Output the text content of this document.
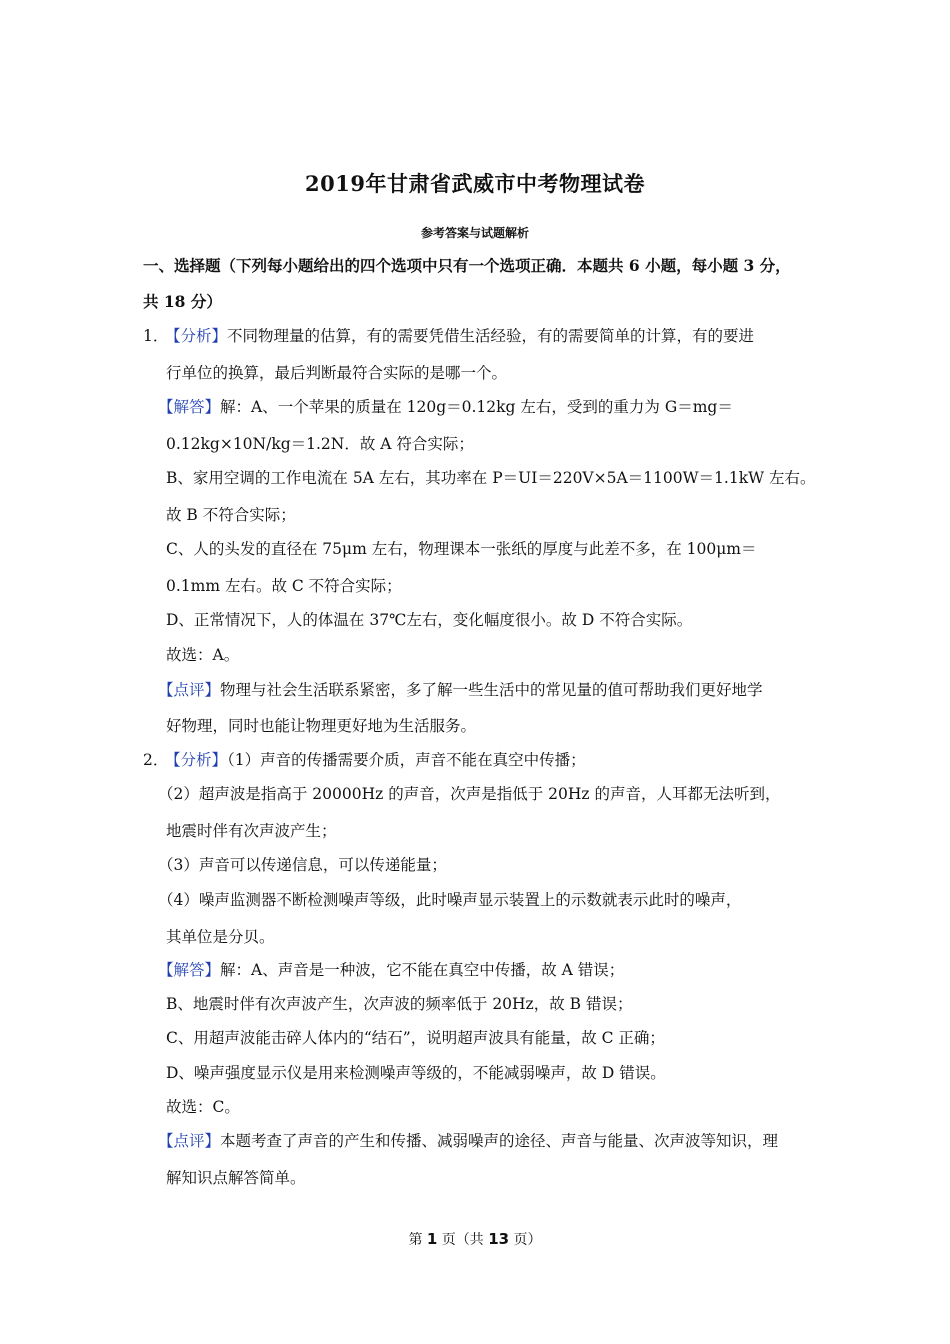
2019年甘肃省武威市中考物理试卷
参考答案与试题解析
一、选择题（下列每小题给出的四个选项中只有一个选项正确．本题共 6 小题，每小题 3 分，
共 18 分）
1．【分析】不同物理量的估算，有的需要凭借生活经验，有的需要简单的计算，有的要进
行单位的换算，最后判断最符合实际的是哪一个。
【解答】解：A、一个苹果的质量在 120g＝0.12kg 左右，受到的重力为 G＝mg＝
0.12kg×10N/kg＝1.2N．故 A 符合实际；
B、家用空调的工作电流在 5A 左右，其功率在 P＝UI＝220V×5A＝1100W＝1.1kW 左右。
故 B 不符合实际；
C、人的头发的直径在 75μm 左右，物理课本一张纸的厚度与此差不多，在 100μm＝
0.1mm 左右。故 C 不符合实际；
D、正常情况下，人的体温在 37℃左右，变化幅度很小。故 D 不符合实际。
故选：A。
【点评】物理与社会生活联系紧密，多了解一些生活中的常见量的值可帮助我们更好地学
好物理，同时也能让物理更好地为生活服务。
2．【分析】（1）声音的传播需要介质，声音不能在真空中传播；
（2）超声波是指高于 20000Hz 的声音，次声是指低于 20Hz 的声音，人耳都无法听到，
地震时伴有次声波产生；
（3）声音可以传递信息，可以传递能量；
（4）噪声监测器不断检测噪声等级，此时噪声显示装置上的示数就表示此时的噪声，
其单位是分贝。
【解答】解：A、声音是一种波，它不能在真空中传播，故 A 错误；
B、地震时伴有次声波产生，次声波的频率低于 20Hz，故 B 错误；
C、用超声波能击碎人体内的“结石”，说明超声波具有能量，故 C 正确；
D、噪声强度显示仪是用来检测噪声等级的，不能减弱噪声，故 D 错误。
故选：C。
【点评】本题考查了声音的产生和传播、减弱噪声的途径、声音与能量、次声波等知识，理
解知识点解答简单。
第 1 页（共 13 页）
